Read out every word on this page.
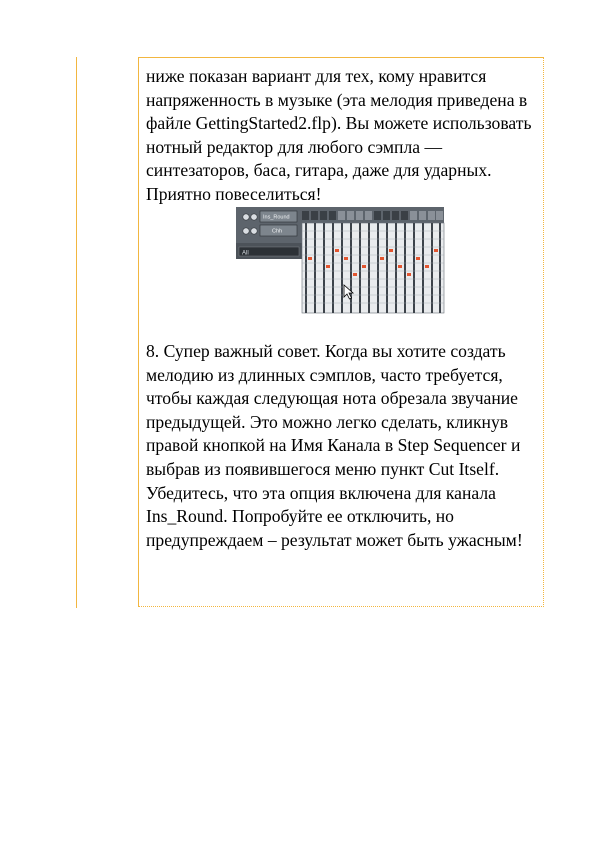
ниже показан вариант для тех, кому нравится напряженность в музыке (эта мелодия приведена в файле GettingStarted2.flp). Вы можете использовать нотный редактор для любого сэмпла — синтезаторов, баса, гитара, даже для ударных. Приятно повеселиться!

All
Ins_Round
Chh

8. Супер важный совет. Когда вы хотите создать мелодию из длинных сэмплов, часто требуется, чтобы каждая следующая нота обрезала звучание предыдущей. Это можно легко сделать, кликнув правой кнопкой на Имя Канала в Step Sequencer и выбрав из появившегося меню пункт Cut Itself. Убедитесь, что эта опция включена для канала Ins_Round. Попробуйте ее отключить, но предупреждаем – результат может быть ужасным!
